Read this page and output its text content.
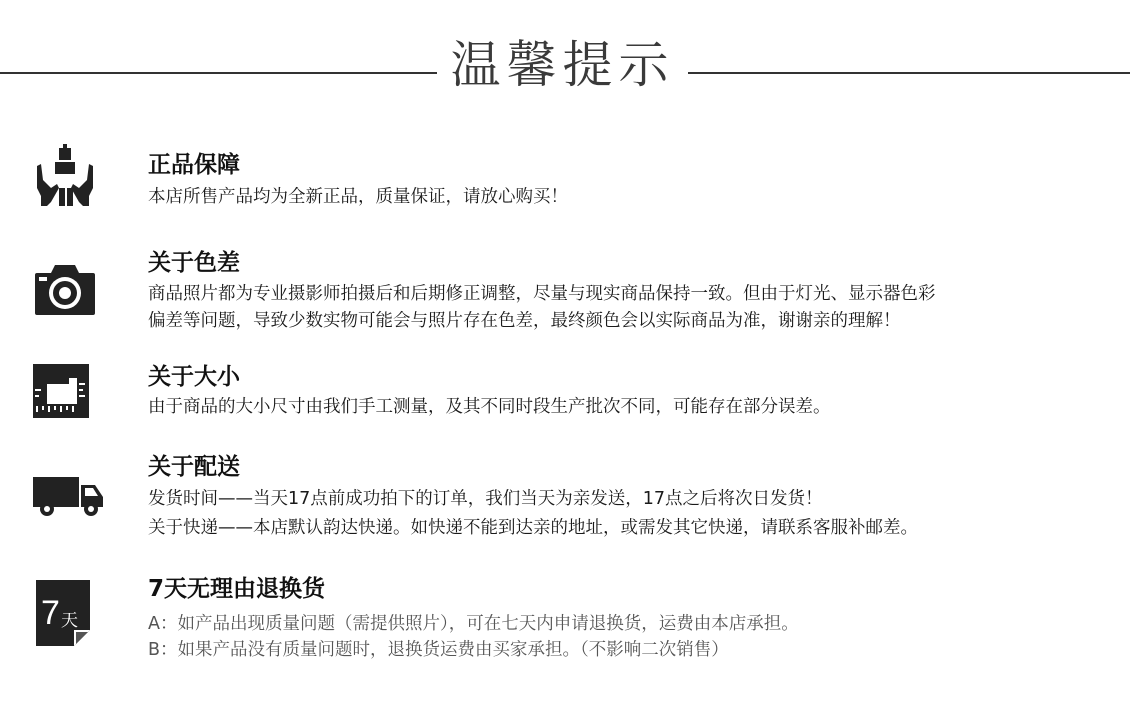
温馨提示
正品保障
本店所售产品均为全新正品，质量保证，请放心购买！
关于色差
商品照片都为专业摄影师拍摄后和后期修正调整，尽量与现实商品保持一致。但由于灯光、显示器色彩
偏差等问题，导致少数实物可能会与照片存在色差，最终颜色会以实际商品为准，谢谢亲的理解！
关于大小
由于商品的大小尺寸由我们手工测量，及其不同时段生产批次不同，可能存在部分误差。
关于配送
发货时间——当天17点前成功拍下的订单，我们当天为亲发送，17点之后将次日发货！
关于快递——本店默认韵达快递。如快递不能到达亲的地址，或需发其它快递，请联系客服补邮差。
7 天
7天无理由退换货
A：如产品出现质量问题（需提供照片），可在七天内申请退换货，运费由本店承担。
B：如果产品没有质量问题时，退换货运费由买家承担。（不影响二次销售）
